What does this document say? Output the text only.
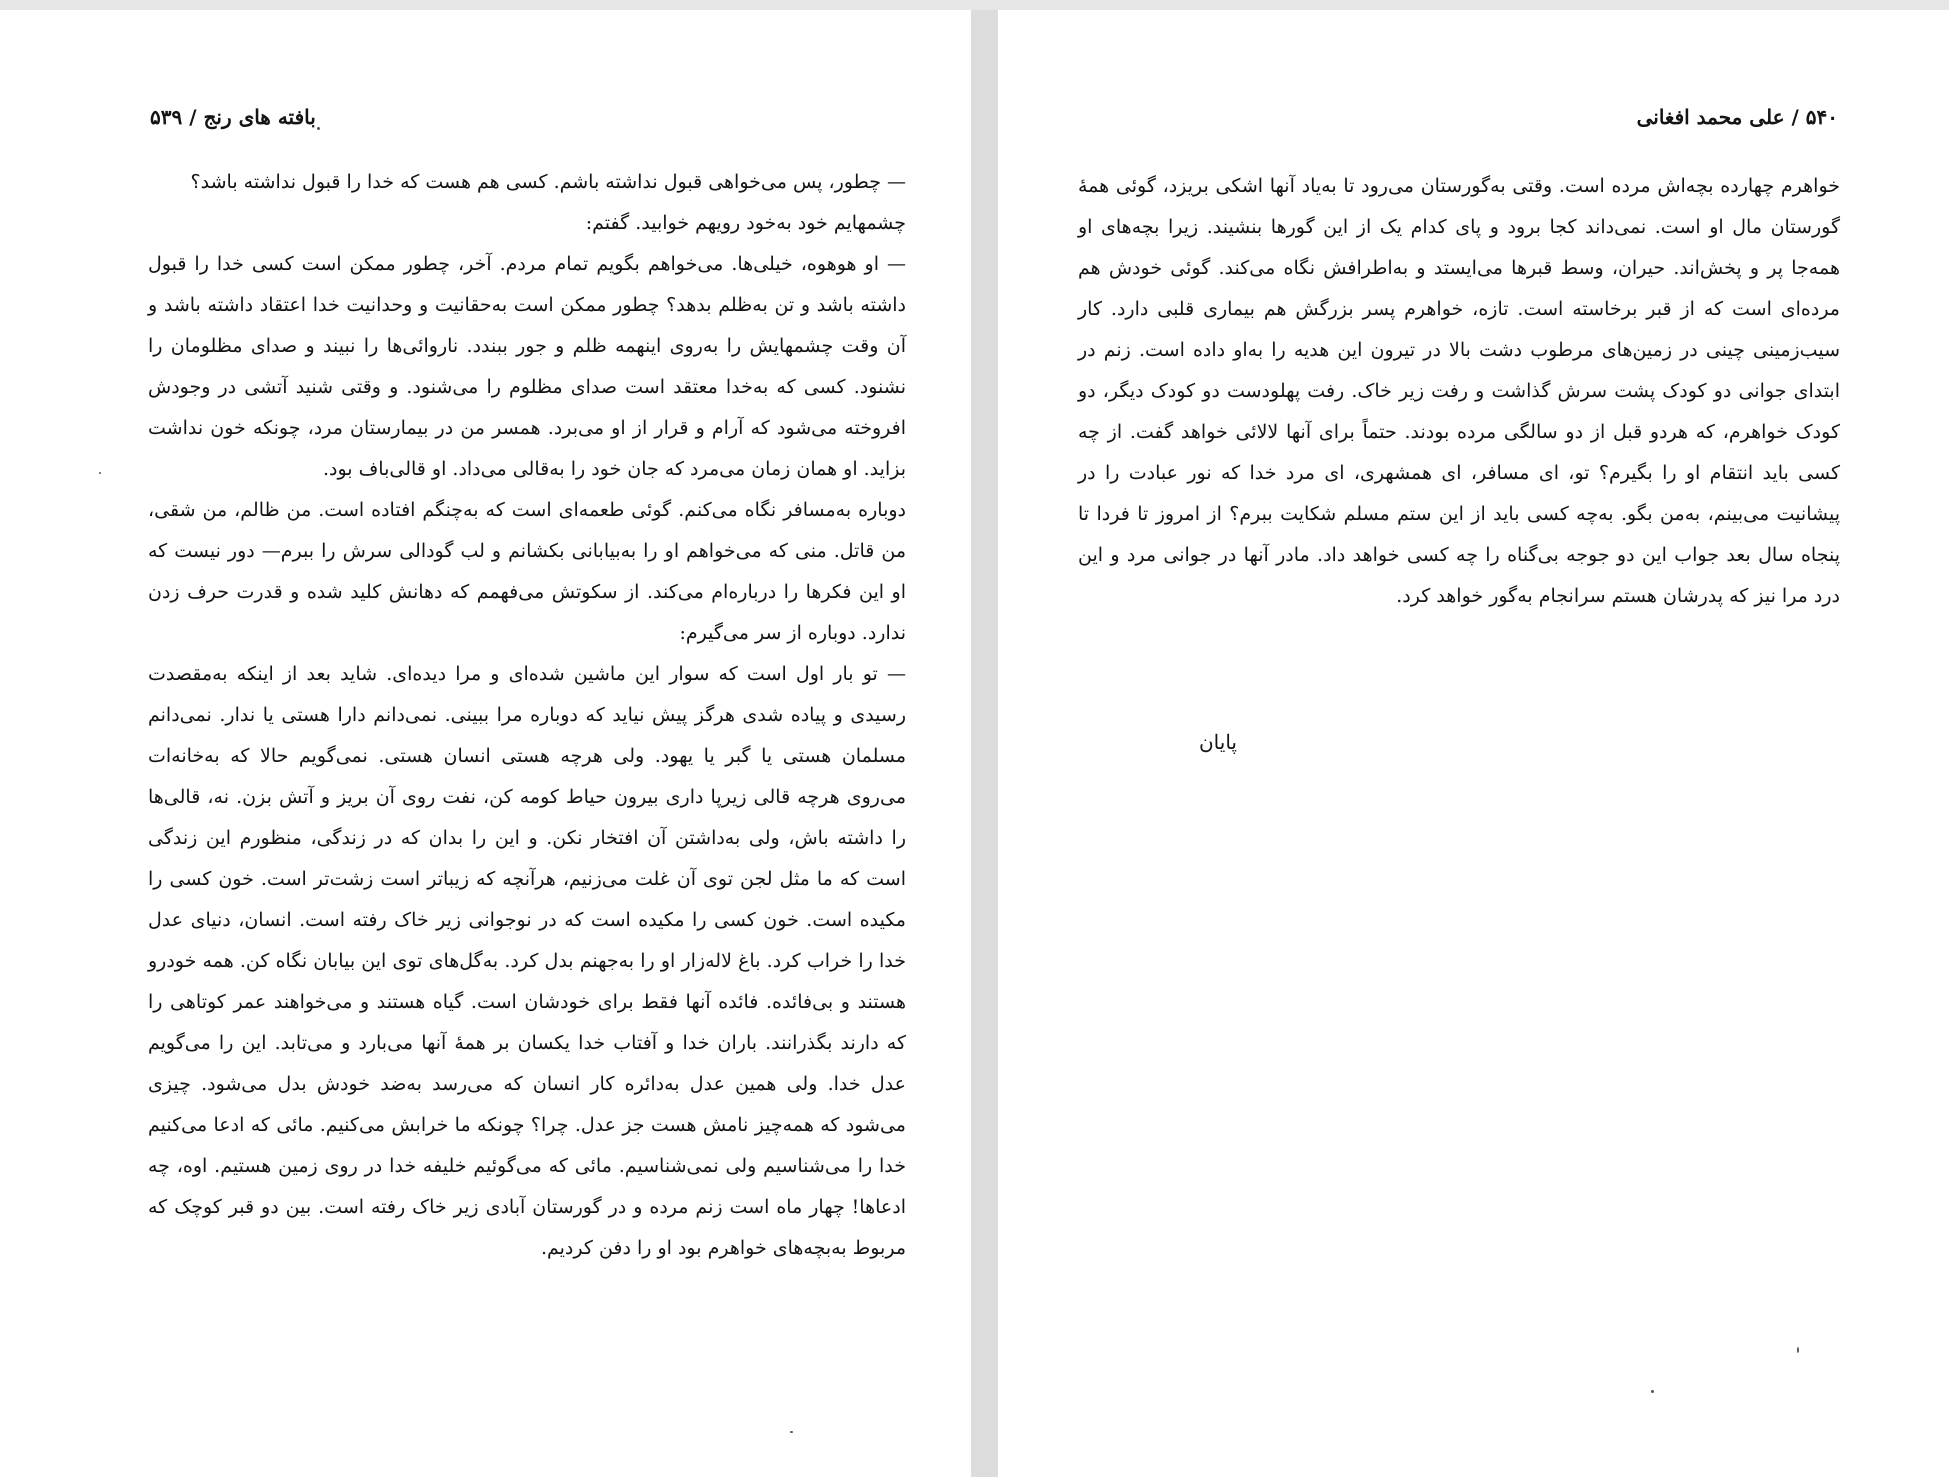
بافته های رنج / ۵۳۹

— چطور، پس می‌خواهی قبول نداشته باشم. کسی هم هست که خدا را قبول نداشته باشد؟

چشمهایم خود به‌خود رویهم خوابید. گفتم:

— او هوهوه، خیلی‌ها. می‌خواهم بگویم تمام مردم. آخر، چطور ممکن است کسی خدا را قبول داشته باشد و تن به‌ظلم بدهد؟ چطور ممکن است به‌حقانیت و وحدانیت خدا اعتقاد داشته باشد و آن وقت چشمهایش را به‌روی اینهمه ظلم و جور ببندد. ناروائی‌ها را نبیند و صدای مظلومان را نشنود. کسی که به‌خدا معتقد است صدای مظلوم را می‌شنود. و وقتی شنید آتشی در وجودش افروخته می‌شود که آرام و قرار از او می‌برد. همسر من در بیمارستان مرد، چونکه خون نداشت بزاید. او همان زمان می‌مرد که جان خود را به‌قالی می‌داد. او قالی‌باف بود.

دوباره به‌مسافر نگاه می‌کنم. گوئی طعمه‌ای است که به‌چنگم افتاده است. من ظالم، من شقی، من قاتل. منی که می‌خواهم او را به‌بیابانی بکشانم و لب گودالی سرش را ببرم— دور نیست که او این فکرها را درباره‌ام می‌کند. از سکوتش می‌فهمم که دهانش کلید شده و قدرت حرف زدن ندارد. دوباره از سر می‌گیرم:

— تو بار اول است که سوار این ماشین شده‌ای و مرا دیده‌ای. شاید بعد از اینکه به‌مقصدت رسیدی و پیاده شدی هرگز پیش نیاید که دوباره مرا ببینی. نمی‌دانم دارا هستی یا ندار. نمی‌دانم مسلمان هستی یا گبر یا یهود. ولی هرچه هستی انسان هستی. نمی‌گویم حالا که به‌خانه‌ات می‌روی هرچه قالی زیرپا داری بیرون حیاط کومه کن، نفت روی آن بریز و آتش بزن. نه، قالی‌ها را داشته باش، ولی به‌داشتن آن افتخار نکن. و این را بدان که در زندگی، منظورم این زندگی است که ما مثل لجن توی آن غلت می‌زنیم، هرآنچه که زیباتر است زشت‌تر است. خون کسی را مکیده است. خون کسی را مکیده است که در نوجوانی زیر خاک رفته است. انسان، دنیای عدل خدا را خراب کرد. باغ لاله‌زار او را به‌جهنم بدل کرد. به‌گل‌های توی این بیابان نگاه کن. همه خودرو هستند و بی‌فائده. فائده آنها فقط برای خودشان است. گیاه هستند و می‌خواهند عمر کوتاهی را که دارند بگذرانند. باران خدا و آفتاب خدا یکسان بر همهٔ آنها می‌بارد و می‌تابد. این را می‌گویم عدل خدا. ولی همین عدل به‌دائره کار انسان که می‌رسد به‌ضد خودش بدل می‌شود. چیزی می‌شود که همه‌چیز نامش هست جز عدل. چرا؟ چونکه ما خرابش می‌کنیم. مائی که ادعا می‌کنیم خدا را می‌شناسیم ولی نمی‌شناسیم. مائی که می‌گوئیم خلیفه خدا در روی زمین هستیم. اوه، چه ادعاها! چهار ماه است زنم مرده و در گورستان آبادی زیر خاک رفته است. بین دو قبر کوچک که مربوط به‌بچه‌های خواهرم بود او را دفن کردیم.

۵۴۰ / علی محمد افغانی

خواهرم چهارده بچه‌اش مرده است. وقتی به‌گورستان می‌رود تا به‌یاد آنها اشکی بریزد، گوئی همهٔ گورستان مال او است. نمی‌داند کجا برود و پای کدام یک از این گورها بنشیند. زیرا بچه‌های او همه‌جا پر و پخش‌اند. حیران، وسط قبرها می‌ایستد و به‌اطرافش نگاه می‌کند. گوئی خودش هم مرده‌ای است که از قبر برخاسته است. تازه، خواهرم پسر بزرگش هم بیماری قلبی دارد. کار سیب‌زمینی چینی در زمین‌های مرطوب دشت بالا در تیرون این هدیه را به‌او داده است. زنم در ابتدای جوانی دو کودک پشت سرش گذاشت و رفت زیر خاک. رفت پهلودست دو کودک دیگر، دو کودک خواهرم، که هردو قبل از دو سالگی مرده بودند. حتماً برای آنها لالائی خواهد گفت. از چه کسی باید انتقام او را بگیرم؟ تو، ای مسافر، ای همشهری، ای مرد خدا که نور عبادت را در پیشانیت می‌بینم، به‌من بگو. به‌چه کسی باید از این ستم مسلم شکایت ببرم؟ از امروز تا فردا تا پنجاه سال بعد جواب این دو جوجه بی‌گناه را چه کسی خواهد داد. مادر آنها در جوانی مرد و این درد مرا نیز که پدرشان هستم سرانجام به‌گور خواهد کرد.

پایان
